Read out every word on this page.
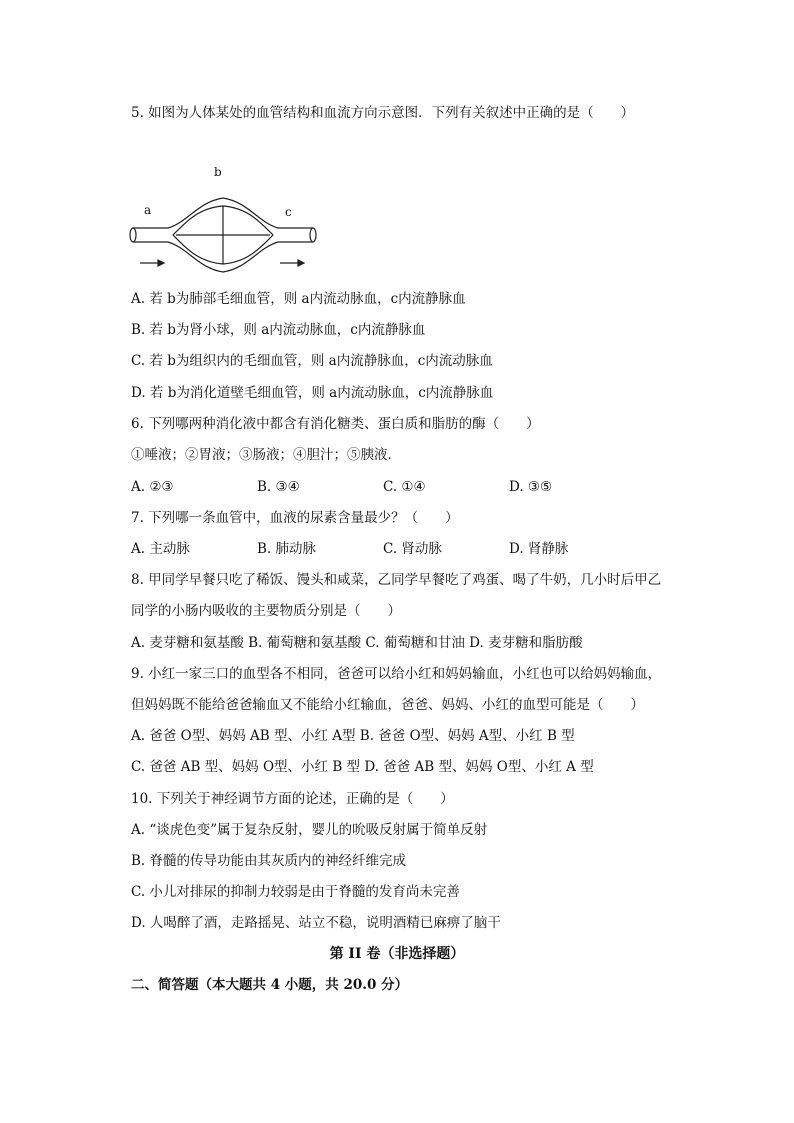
5. 如图为人体某处的血管结构和血流方向示意图．下列有关叙述中正确的是（　　）
b
a	c
A. 若 b为肺部毛细血管，则 a内流动脉血，c内流静脉血
B. 若 b为肾小球，则 a内流动脉血，c内流静脉血
C. 若 b为组织内的毛细血管，则 a内流静脉血，c内流动脉血
D. 若 b为消化道壁毛细血管，则 a内流动脉血，c内流静脉血
6. 下列哪两种消化液中都含有消化糖类、蛋白质和脂肪的酶（　　）
①唾液；②胃液；③肠液；④胆汁；⑤胰液．
A. ②③	B. ③④	C. ①④	D. ③⑤
7. 下列哪一条血管中，血液的尿素含量最少？（　　）
A. 主动脉	B. 肺动脉	C. 肾动脉	D. 肾静脉
8. 甲同学早餐只吃了稀饭、馒头和咸菜，乙同学早餐吃了鸡蛋、喝了牛奶，几小时后甲乙
同学的小肠内吸收的主要物质分别是（　　）
A. 麦芽糖和氨基酸 B. 葡萄糖和氨基酸 C. 葡萄糖和甘油 D. 麦芽糖和脂肪酸
9. 小红一家三口的血型各不相同，爸爸可以给小红和妈妈输血，小红也可以给妈妈输血，
但妈妈既不能给爸爸输血又不能给小红输血，爸爸、妈妈、小红的血型可能是（　　）
A. 爸爸 O型、妈妈 AB 型、小红 A型 B. 爸爸 O型、妈妈 A型、小红 B 型
C. 爸爸 AB 型、妈妈 O型、小红 B 型 D. 爸爸 AB 型、妈妈 O型、小红 A 型
10. 下列关于神经调节方面的论述，正确的是（　　）
A. “谈虎色变”属于复杂反射，婴儿的吮吸反射属于简单反射
B. 脊髓的传导功能由其灰质内的神经纤维完成
C. 小儿对排尿的抑制力较弱是由于脊髓的发育尚未完善
D. 人喝醉了酒，走路摇晃、站立不稳，说明酒精已麻痹了脑干
第 II 卷（非选择题）
二、简答题（本大题共 4 小题，共 20.0 分）
